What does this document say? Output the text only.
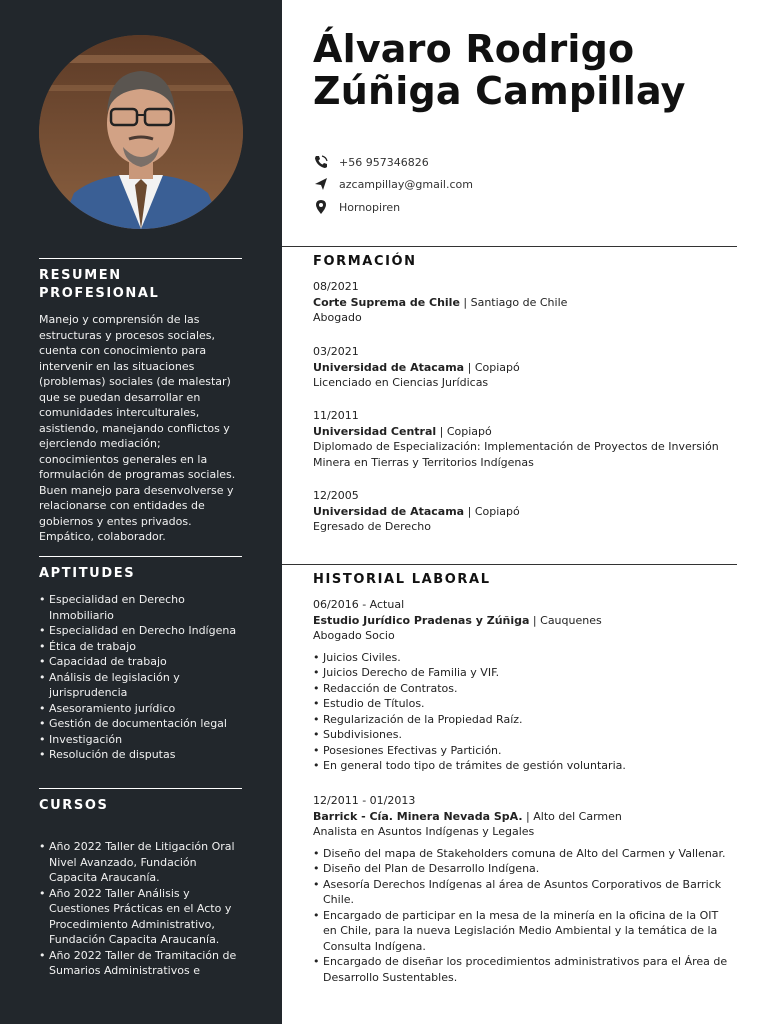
RESUMEN
PROFESIONAL
Manejo y comprensión de las estructuras y procesos sociales, cuenta con conocimiento para intervenir en las situaciones (problemas) sociales (de malestar) que se puedan desarrollar en comunidades interculturales, asistiendo, manejando conflictos y ejerciendo mediación; conocimientos generales en la formulación de programas sociales. Buen manejo para desenvolverse y relacionarse con entidades de gobiernos y entes privados. Empático, colaborador.
APTITUDES
• Especialidad en Derecho Inmobiliario
• Especialidad en Derecho Indígena
• Ética de trabajo
• Capacidad de trabajo
• Análisis de legislación y jurisprudencia
• Asesoramiento jurídico
• Gestión de documentación legal
• Investigación
• Resolución de disputas
CURSOS
• Año 2022 Taller de Litigación Oral Nivel Avanzado, Fundación Capacita Araucanía.
• Año 2022 Taller Análisis y Cuestiones Prácticas en el Acto y Procedimiento Administrativo, Fundación Capacita Araucanía.
• Año 2022 Taller de Tramitación de Sumarios Administrativos e
Álvaro Rodrigo
Zúñiga Campillay
+56 957346826
azcampillay@gmail.com
Hornopiren
FORMACIÓN
08/2021
Corte Suprema de Chile | Santiago de Chile
Abogado
03/2021
Universidad de Atacama | Copiapó
Licenciado en Ciencias Jurídicas
11/2011
Universidad Central | Copiapó
Diplomado de Especialización: Implementación de Proyectos de Inversión Minera en Tierras y Territorios Indígenas
12/2005
Universidad de Atacama | Copiapó
Egresado de Derecho
HISTORIAL LABORAL
06/2016 - Actual
Estudio Jurídico Pradenas y Zúñiga | Cauquenes
Abogado Socio
• Juicios Civiles.
• Juicios Derecho de Familia y VIF.
• Redacción de Contratos.
• Estudio de Títulos.
• Regularización de la Propiedad Raíz.
• Subdivisiones.
• Posesiones Efectivas y Partición.
• En general todo tipo de trámites de gestión voluntaria.
12/2011 - 01/2013
Barrick - Cía. Minera Nevada SpA. | Alto del Carmen
Analista en Asuntos Indígenas y Legales
• Diseño del mapa de Stakeholders comuna de Alto del Carmen y Vallenar.
• Diseño del Plan de Desarrollo Indígena.
• Asesoría Derechos Indígenas al área de Asuntos Corporativos de Barrick Chile.
• Encargado de participar en la mesa de la minería en la oficina de la OIT en Chile, para la nueva Legislación Medio Ambiental y la temática de la Consulta Indígena.
• Encargado de diseñar los procedimientos administrativos para el Área de Desarrollo Sustentables.
